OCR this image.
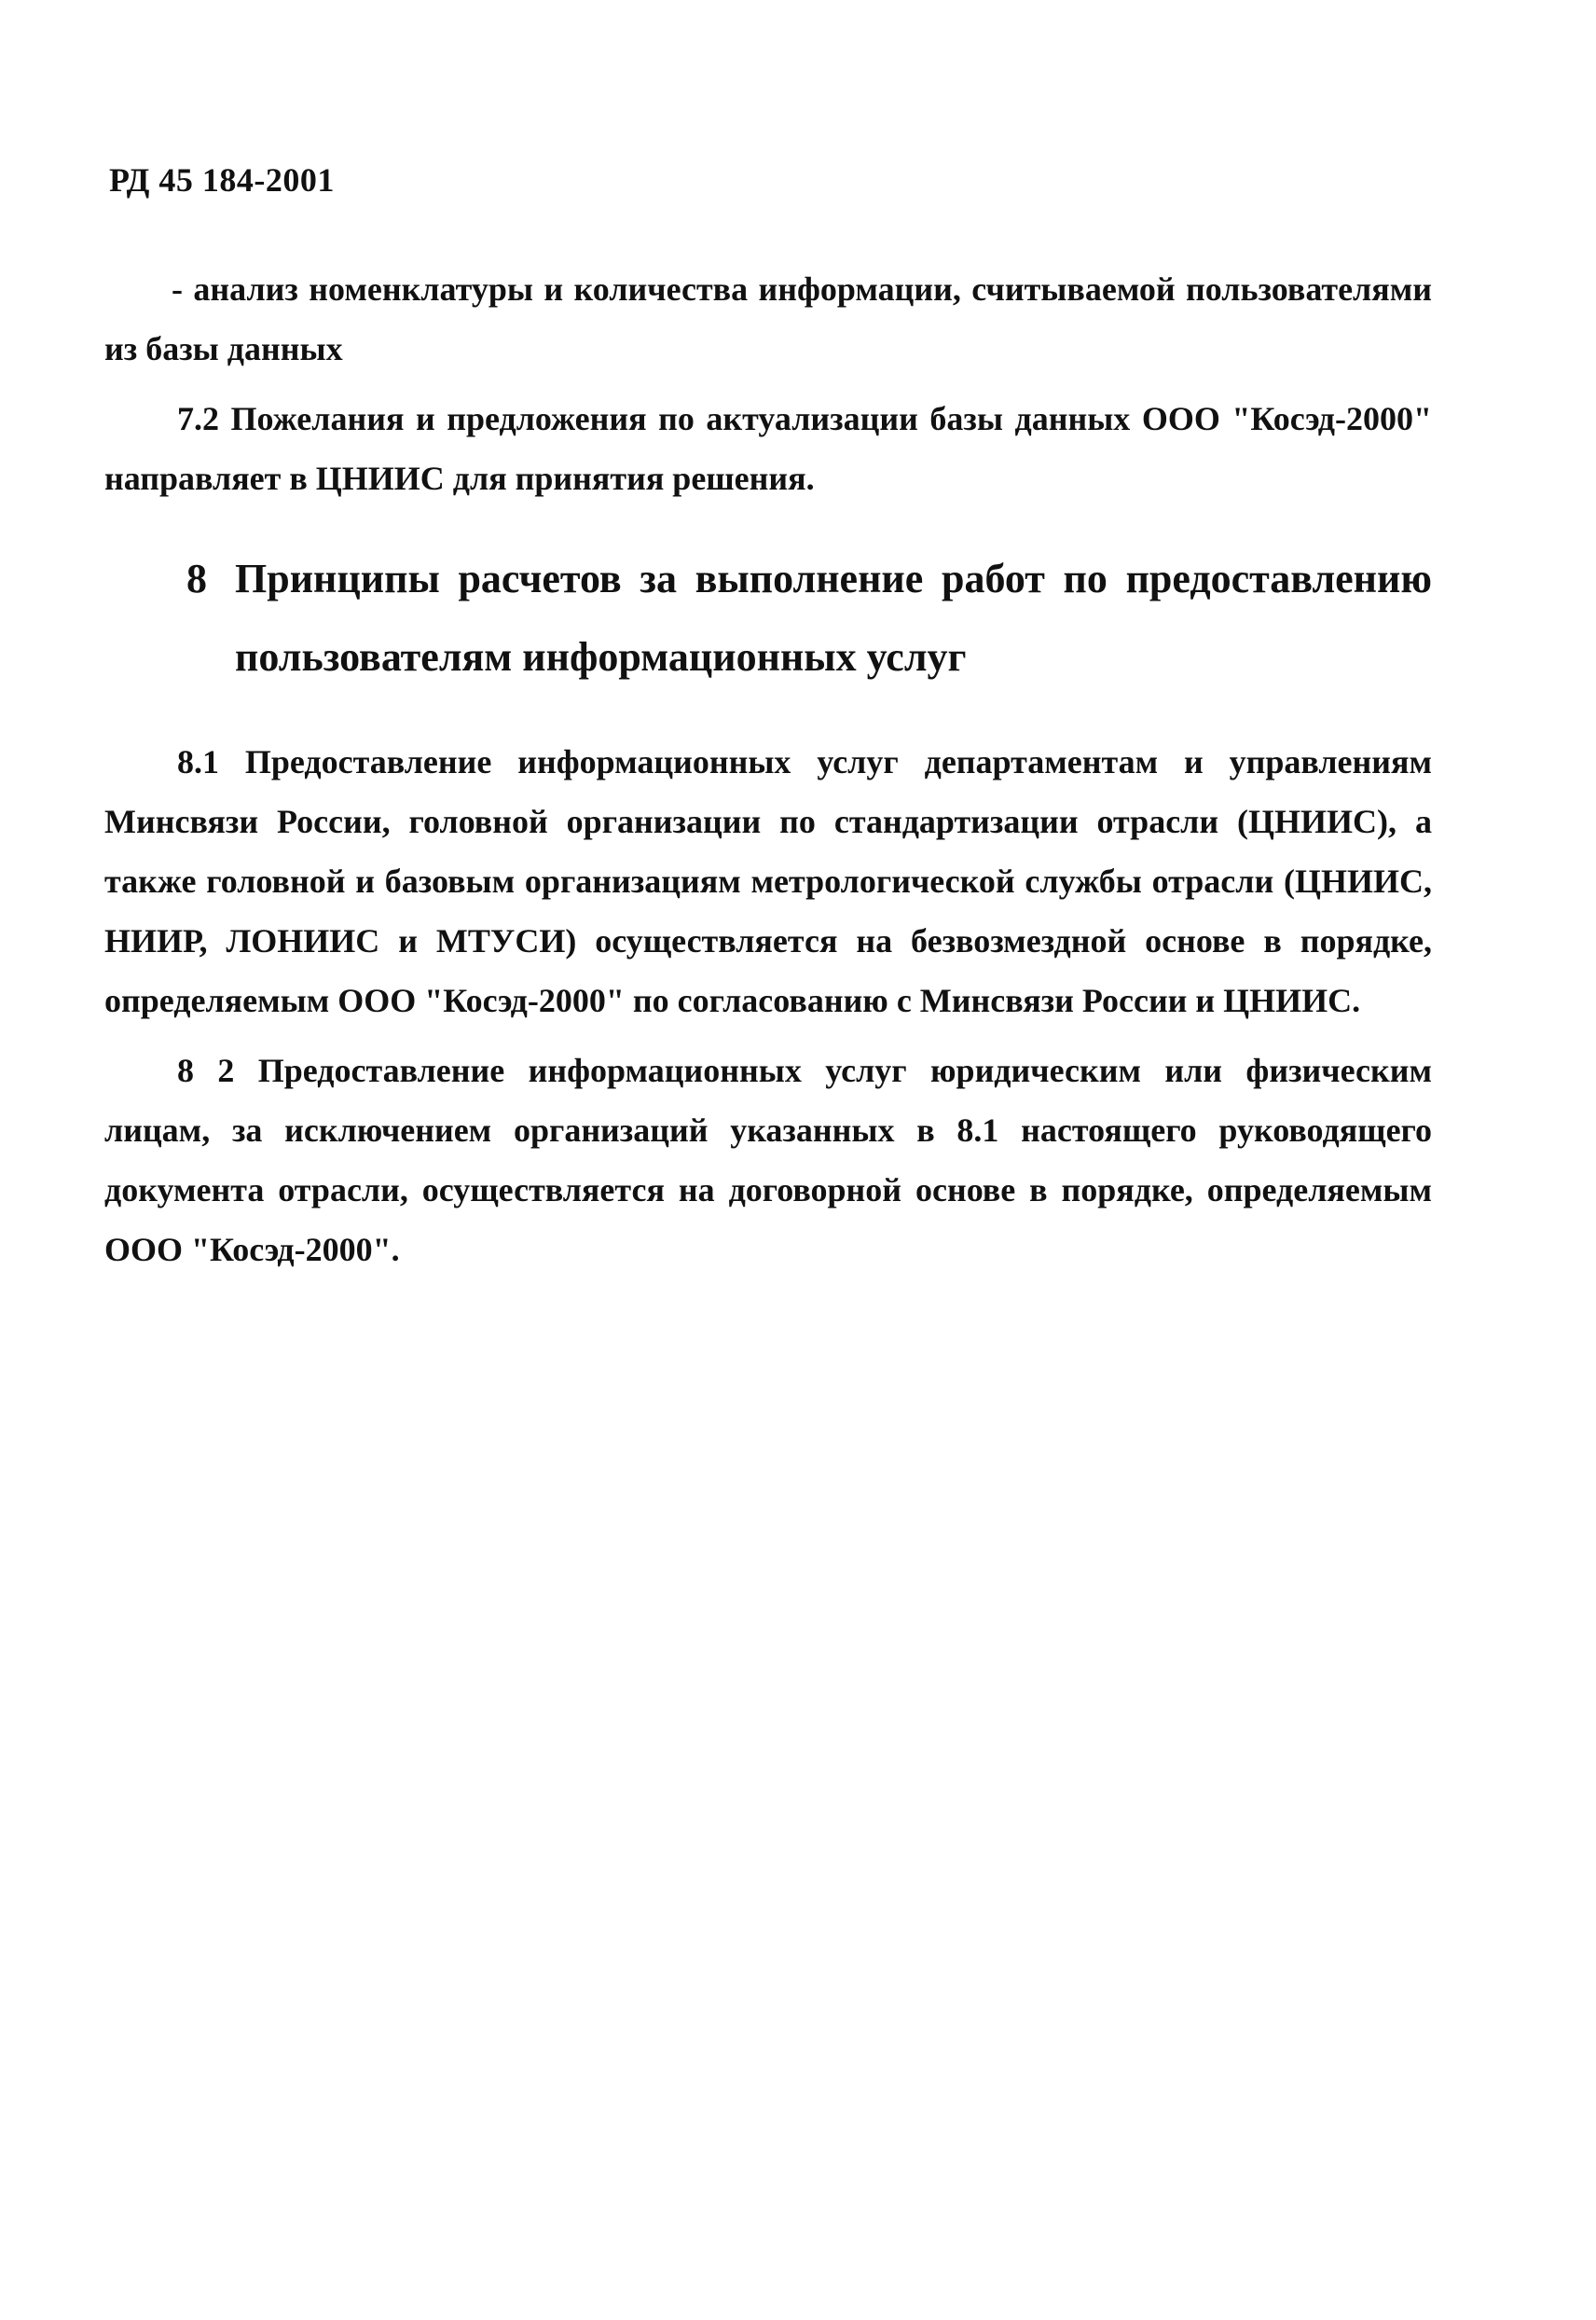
РД 45 184-2001

- анализ номенклатуры и количества информации, считываемой пользователями из базы данных

7.2 Пожелания и предложения по актуализации базы данных ООО "Косэд-2000" направляет в ЦНИИС для принятия решения.

8 Принципы расчетов за выполнение работ по предоставлению пользователям информационных услуг

8.1 Предоставление информационных услуг департаментам и управлениям Минсвязи России, головной организации по стандартизации отрасли (ЦНИИС), а также головной и базовым организациям метрологической службы отрасли (ЦНИИС, НИИР, ЛОНИИС и МТУСИ) осуществляется на безвозмездной основе в порядке, определяемым ООО "Косэд-2000" по согласованию с Минсвязи России и ЦНИИС.

8 2 Предоставление информационных услуг юридическим или физическим лицам, за исключением организаций указанных в 8.1 настоящего руководящего документа отрасли, осуществляется на договорной основе в порядке, определяемым ООО "Косэд-2000".
